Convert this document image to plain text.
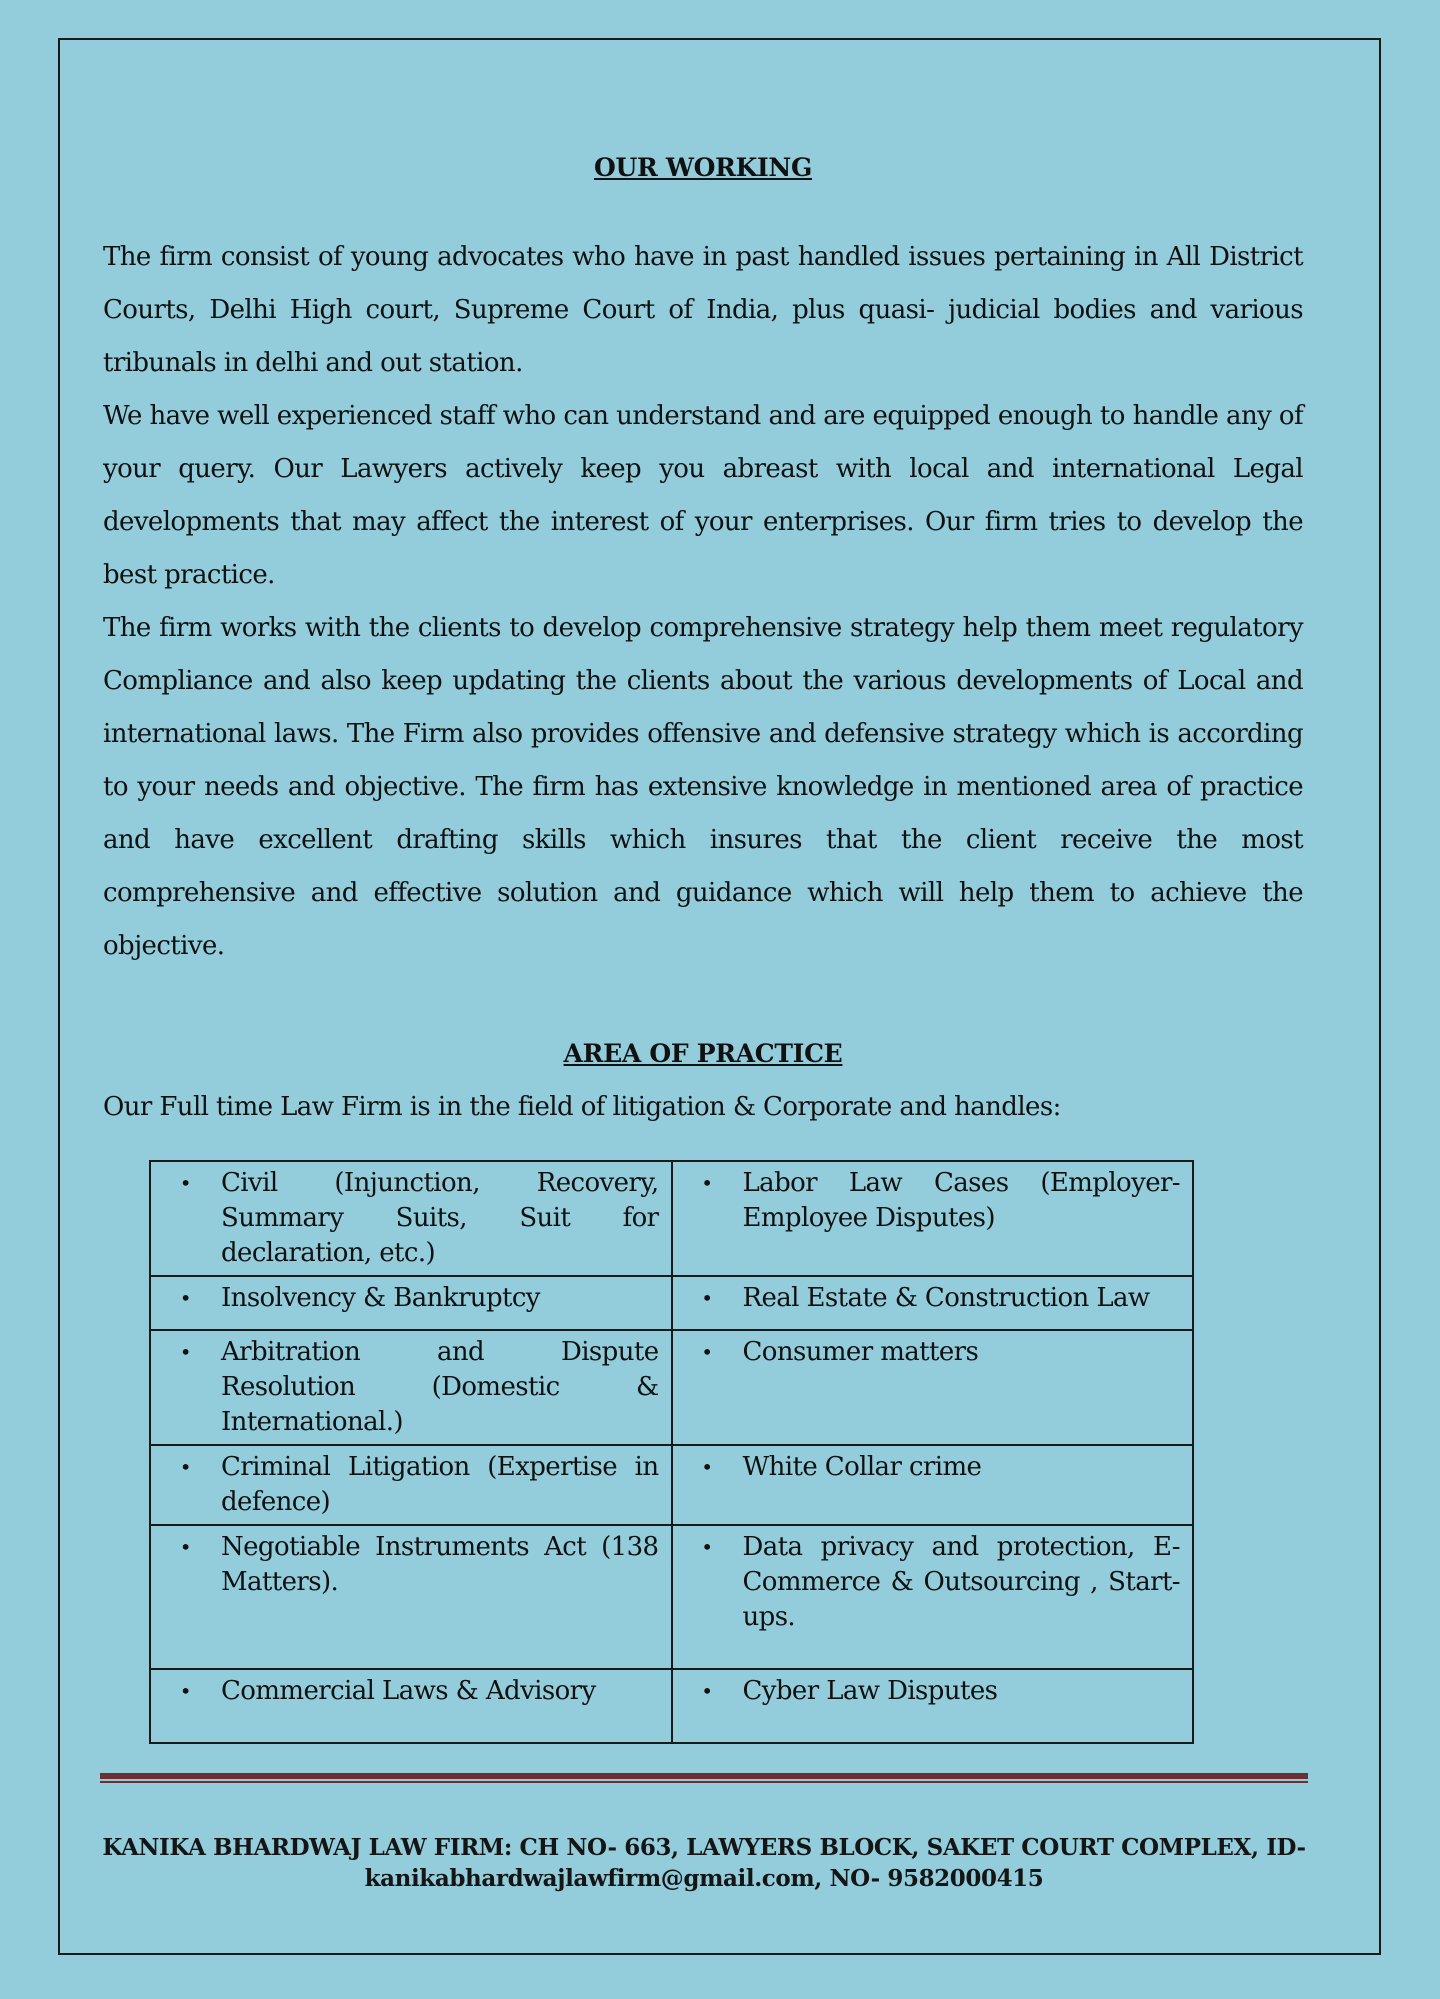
OUR WORKING

The firm consist of young advocates who have in past handled issues pertaining in All District Courts, Delhi High court, Supreme Court of India, plus quasi- judicial bodies and various tribunals in delhi and out station.

We have well experienced staff who can understand and are equipped enough to handle any of your query. Our Lawyers actively keep you abreast with local and international Legal developments that may affect the interest of your enterprises. Our firm tries to develop the best practice.

The firm works with the clients to develop comprehensive strategy help them meet regulatory Compliance and also keep updating the clients about the various developments of Local and international laws. The Firm also provides offensive and defensive strategy which is according to your needs and objective. The firm has extensive knowledge in mentioned area of practice and have excellent drafting skills which insures that the client receive the most comprehensive and effective solution and guidance which will help them to achieve the objective.

AREA OF PRACTICE
Our Full time Law Firm is in the field of litigation & Corporate and handles:
• Civil (Injunction, Recovery, Summary Suits, Suit for declaration, etc.)	• Labor Law Cases (Employer-Employee Disputes)

• Insolvency & Bankruptcy	• Real Estate & Construction Law

• Arbitration and Dispute Resolution (Domestic & International.)	• Consumer matters

• Criminal Litigation (Expertise in defence)	• White Collar crime

• Negotiable Instruments Act (138 Matters).	• Data privacy and protection, E-Commerce & Outsourcing , Start-ups.

• Commercial Laws & Advisory	• Cyber Law Disputes
KANIKA BHARDWAJ LAW FIRM: CH NO- 663, LAWYERS BLOCK, SAKET COURT COMPLEX, ID-
kanikabhardwajlawfirm@gmail.com, NO- 9582000415
